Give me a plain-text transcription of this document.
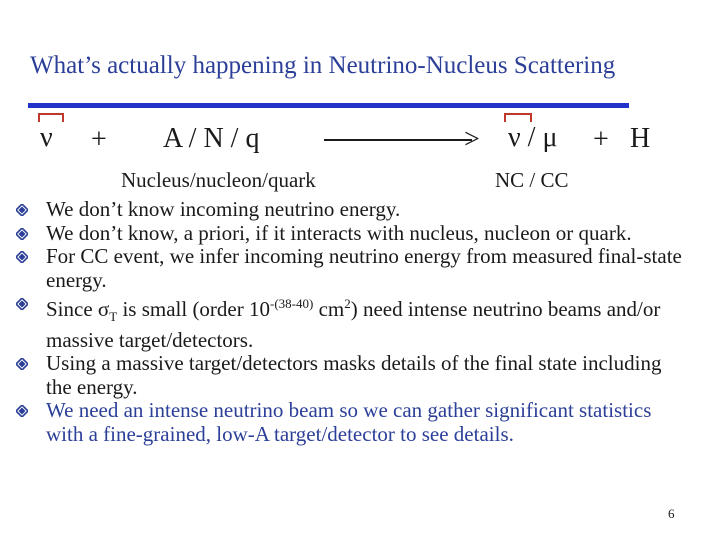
What’s actually happening in Neutrino-Nucleus Scattering
ν + A / N / q	> ν / μ + H
Nucleus/nucleon/quark	NC / CC
We don’t know incoming neutrino energy.
We don’t know, a priori, if it interacts with nucleus, nucleon or quark.
For CC event, we infer incoming neutrino energy from measured final-state energy.
Since $\sigma_T$ is small (order $10^{-(38-40)}$ $cm^2$) need intense neutrino beams and/or massive target/detectors.
Using a massive target/detectors masks details of the final state including the energy.
We need an intense neutrino beam so we can gather significant statistics with a fine-grained, low-A target/detector to see details.
6
